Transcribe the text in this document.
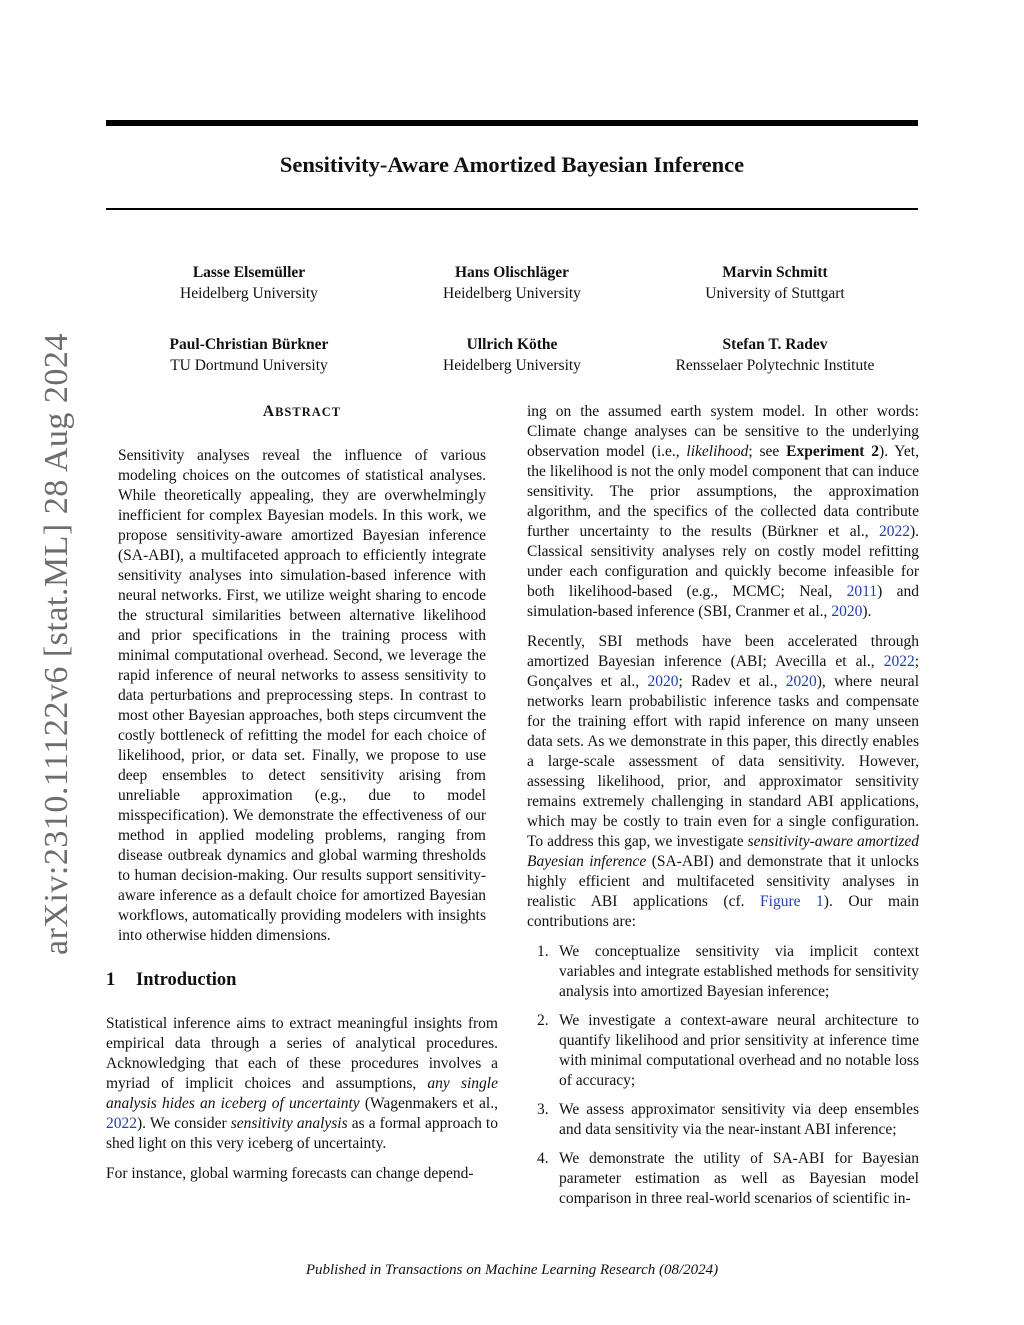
arXiv:2310.11122v6 [stat.ML] 28 Aug 2024
Sensitivity-Aware Amortized Bayesian Inference
Lasse Elsemüller
Heidelberg University
Hans Olischläger
Heidelberg University
Marvin Schmitt
University of Stuttgart
Paul-Christian Bürkner
TU Dortmund University
Ullrich Köthe
Heidelberg University
Stefan T. Radev
Rensselaer Polytechnic Institute
ABSTRACT

Sensitivity analyses reveal the influence of various modeling choices on the outcomes of statistical analyses. While theoretically appealing, they are overwhelmingly inefficient for complex Bayesian models. In this work, we propose sensitivity-aware amortized Bayesian inference (SA-ABI), a multifaceted approach to efficiently integrate sensitivity analyses into simulation-based inference with neural networks. First, we utilize weight sharing to encode the structural similarities between alternative likelihood and prior specifications in the training process with minimal computational overhead. Second, we leverage the rapid inference of neural networks to assess sensitivity to data perturbations and preprocessing steps. In contrast to most other Bayesian approaches, both steps circumvent the costly bottleneck of refitting the model for each choice of likelihood, prior, or data set. Finally, we propose to use deep ensembles to detect sensitivity arising from unreliable approximation (e.g., due to model misspecification). We demonstrate the effectiveness of our method in applied modeling problems, ranging from disease outbreak dynamics and global warming thresholds to human decision-making. Our results support sensitivity-aware inference as a default choice for amortized Bayesian workflows, automatically providing modelers with insights into otherwise hidden dimensions.

1 Introduction

Statistical inference aims to extract meaningful insights from empirical data through a series of analytical procedures. Acknowledging that each of these procedures involves a myriad of implicit choices and assumptions, any single analysis hides an iceberg of uncertainty (Wagenmakers et al., 2022). We consider sensitivity analysis as a formal approach to shed light on this very iceberg of uncertainty.

For instance, global warming forecasts can change depend-

ing on the assumed earth system model. In other words: Climate change analyses can be sensitive to the underlying observation model (i.e., likelihood; see Experiment 2). Yet, the likelihood is not the only model component that can induce sensitivity. The prior assumptions, the approximation algorithm, and the specifics of the collected data contribute further uncertainty to the results (Bürkner et al., 2022). Classical sensitivity analyses rely on costly model refitting under each configuration and quickly become infeasible for both likelihood-based (e.g., MCMC; Neal, 2011) and simulation-based inference (SBI, Cranmer et al., 2020).

Recently, SBI methods have been accelerated through amortized Bayesian inference (ABI; Avecilla et al., 2022; Gonçalves et al., 2020; Radev et al., 2020), where neural networks learn probabilistic inference tasks and compensate for the training effort with rapid inference on many unseen data sets. As we demonstrate in this paper, this directly enables a large-scale assessment of data sensitivity. However, assessing likelihood, prior, and approximator sensitivity remains extremely challenging in standard ABI applications, which may be costly to train even for a single configuration. To address this gap, we investigate sensitivity-aware amortized Bayesian inference (SA-ABI) and demonstrate that it unlocks highly efficient and multifaceted sensitivity analyses in realistic ABI applications (cf. Figure 1). Our main contributions are:

1. We conceptualize sensitivity via implicit context variables and integrate established methods for sensitivity analysis into amortized Bayesian inference;
2. We investigate a context-aware neural architecture to quantify likelihood and prior sensitivity at inference time with minimal computational overhead and no notable loss of accuracy;
3. We assess approximator sensitivity via deep ensembles and data sensitivity via the near-instant ABI inference;
4. We demonstrate the utility of SA-ABI for Bayesian parameter estimation as well as Bayesian model comparison in three real-world scenarios of scientific in-
Published in Transactions on Machine Learning Research (08/2024)
